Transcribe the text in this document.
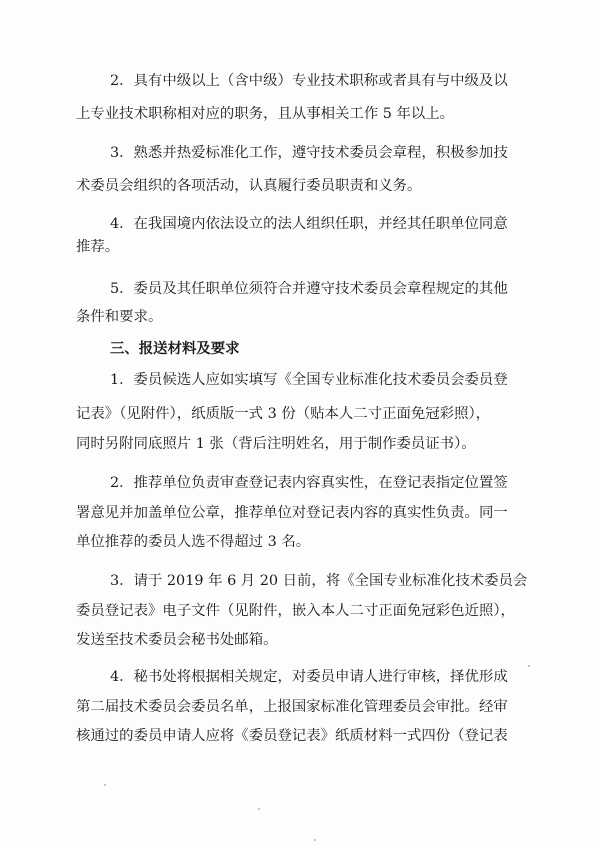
2．具有中级以上（含中级）专业技术职称或者具有与中级及以
上专业技术职称相对应的职务，且从事相关工作 5 年以上。
3．熟悉并热爱标准化工作，遵守技术委员会章程，积极参加技
术委员会组织的各项活动，认真履行委员职责和义务。
4．在我国境内依法设立的法人组织任职，并经其任职单位同意
推荐。
5．委员及其任职单位须符合并遵守技术委员会章程规定的其他
条件和要求。
三、报送材料及要求
1．委员候选人应如实填写《全国专业标准化技术委员会委员登
记表》（见附件），纸质版一式 3 份（贴本人二寸正面免冠彩照），
同时另附同底照片 1 张（背后注明姓名，用于制作委员证书）。
2．推荐单位负责审查登记表内容真实性，在登记表指定位置签
署意见并加盖单位公章，推荐单位对登记表内容的真实性负责。同一
单位推荐的委员人选不得超过 3 名。
3．请于 2019 年 6 月 20 日前，将《全国专业标准化技术委员会
委员登记表》电子文件（见附件，嵌入本人二寸正面免冠彩色近照），
发送至技术委员会秘书处邮箱。
4．秘书处将根据相关规定，对委员申请人进行审核，择优形成
第二届技术委员会委员名单，上报国家标准化管理委员会审批。经审
核通过的委员申请人应将《委员登记表》纸质材料一式四份（登记表
